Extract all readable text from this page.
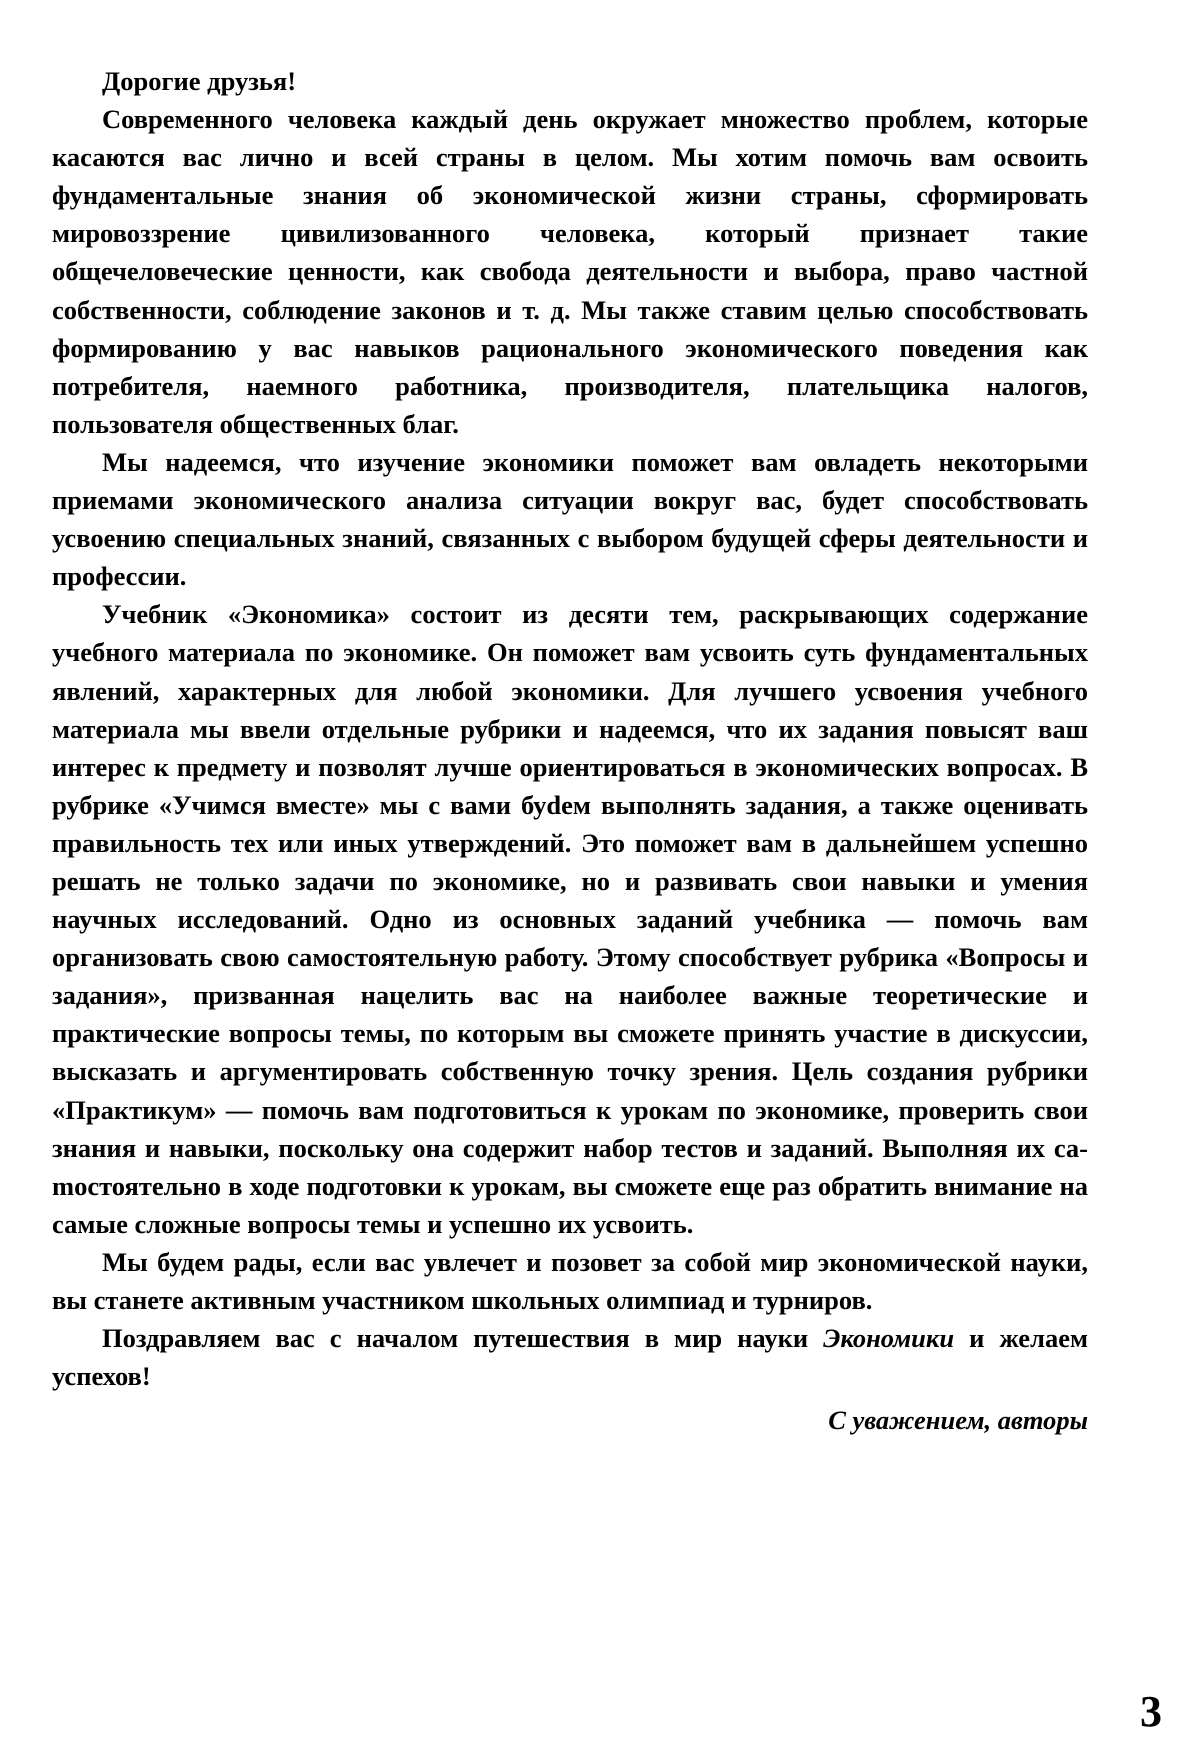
Дорогие друзья!

Современного человека каждый день окружает множество проблем, которые касаются вас лично и всей страны в целом. Мы хотим помочь вам освоить фундаментальные знания об экономической жизни страны, сформировать мировоззрение цивилизованного человека, который признает такие общечеловеческие ценности, как свобода деятельности и выбора, право частной собственности, соблюдение законов и т. д. Мы также ставим целью способствовать формированию у вас навыков рационального экономического поведения как потребителя, наемного работника, производителя, плательщика налогов, пользователя общественных благ.

Мы надеемся, что изучение экономики поможет вам овладеть некоторыми приемами экономического анализа ситуации вокруг вас, будет способствовать усвоению специальных знаний, связанных с выбором будущей сферы деятельности и профессии.

Учебник «Экономика» состоит из десяти тем, раскрывающих содержание учебного материала по экономике. Он поможет вам усвоить суть фундаментальных явлений, характерных для любой экономики. Для лучшего усвоения учебного материала мы ввели отдельные рубрики и надеемся, что их задания повысят ваш интерес к предмету и позволят лучше ориентироваться в экономических вопросах. В рубрике «Учимся вместе» мы с вами буdем выполнять задания, а также оценивать правильность тех или иных утверждений. Это поможет вам в дальнейшем успешно решать не только задачи по экономике, но и развивать свои навыки и умения научных исследований. Одно из основных заданий учебника — помочь вам организовать свою самостоятельную работу. Этому способствует рубрика «Вопросы и задания», призванная нацелить вас на наиболее важные теоретические и практические вопросы темы, по которым вы сможете принять участие в дискуссии, высказать и аргументировать собственную точку зрения. Цель создания рубрики «Практикум» — помочь вам подготовиться к урокам по экономике, проверить свои знания и навыки, поскольку она содержит набор тестов и заданий. Выполняя их саmостоятельно в ходе подготовки к урокам, вы сможете еще раз обратить внимание на самые сложные вопросы темы и успешно их усвоить.

Мы будем рады, если вас увлечет и позовет за собой мир экономической науки, вы станете активным участником школьных олимпиад и турниров.

Поздравляем вас с началом путешествия в мир науки Экономики и желаем успехов!

С уважением, авторы

3
